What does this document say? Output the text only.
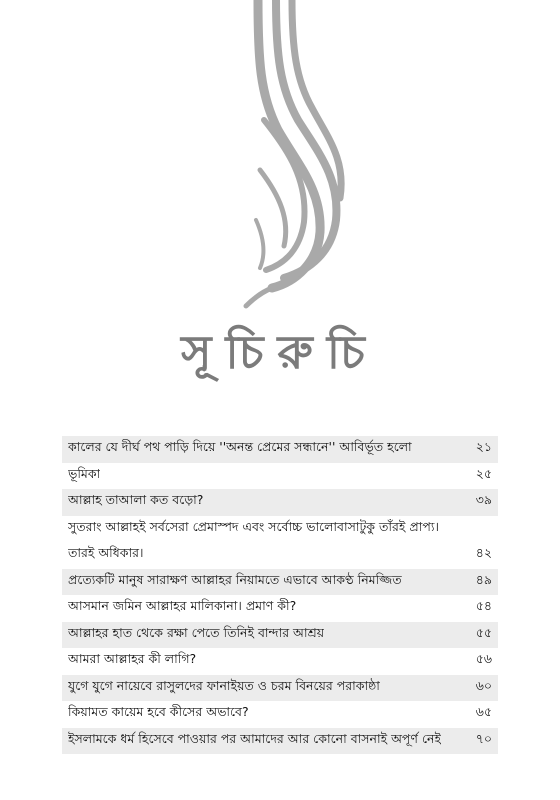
সূচিরুচি
কালের যে দীর্ঘ পথ পাড়ি দিয়ে ''অনন্ত প্রেমের সন্ধানে'' আবির্ভূত হলো	২১
ভূমিকা	২৫
আল্লাহ তাআলা কত বড়ো?	৩৯
সুতরাং আল্লাহই সর্বসেরা প্রেমাস্পদ এবং সর্বোচ্চ ভালোবাসাটুকু তাঁরই প্রাপ্য।
তারই অধিকার।	৪২
প্রত্যেকটি মানুষ সারাক্ষণ আল্লাহর নিয়ামতে এভাবে আকণ্ঠ নিমজ্জিত	৪৯
আসমান জমিন আল্লাহর মালিকানা। প্রমাণ কী?	৫৪
আল্লাহর হাত থেকে রক্ষা পেতে তিনিই বান্দার আশ্রয়	৫৫
আমরা আল্লাহর কী লাগি?	৫৬
যুগে যুগে নায়েবে রাসুলদের ফানাইয়ত ও চরম বিনয়ের পরাকাষ্ঠা	৬০
কিয়ামত কায়েম হবে কীসের অভাবে?	৬৫
ইসলামকে ধর্ম হিসেবে পাওয়ার পর আমাদের আর কোনো বাসনাই অপূর্ণ নেই	৭০
